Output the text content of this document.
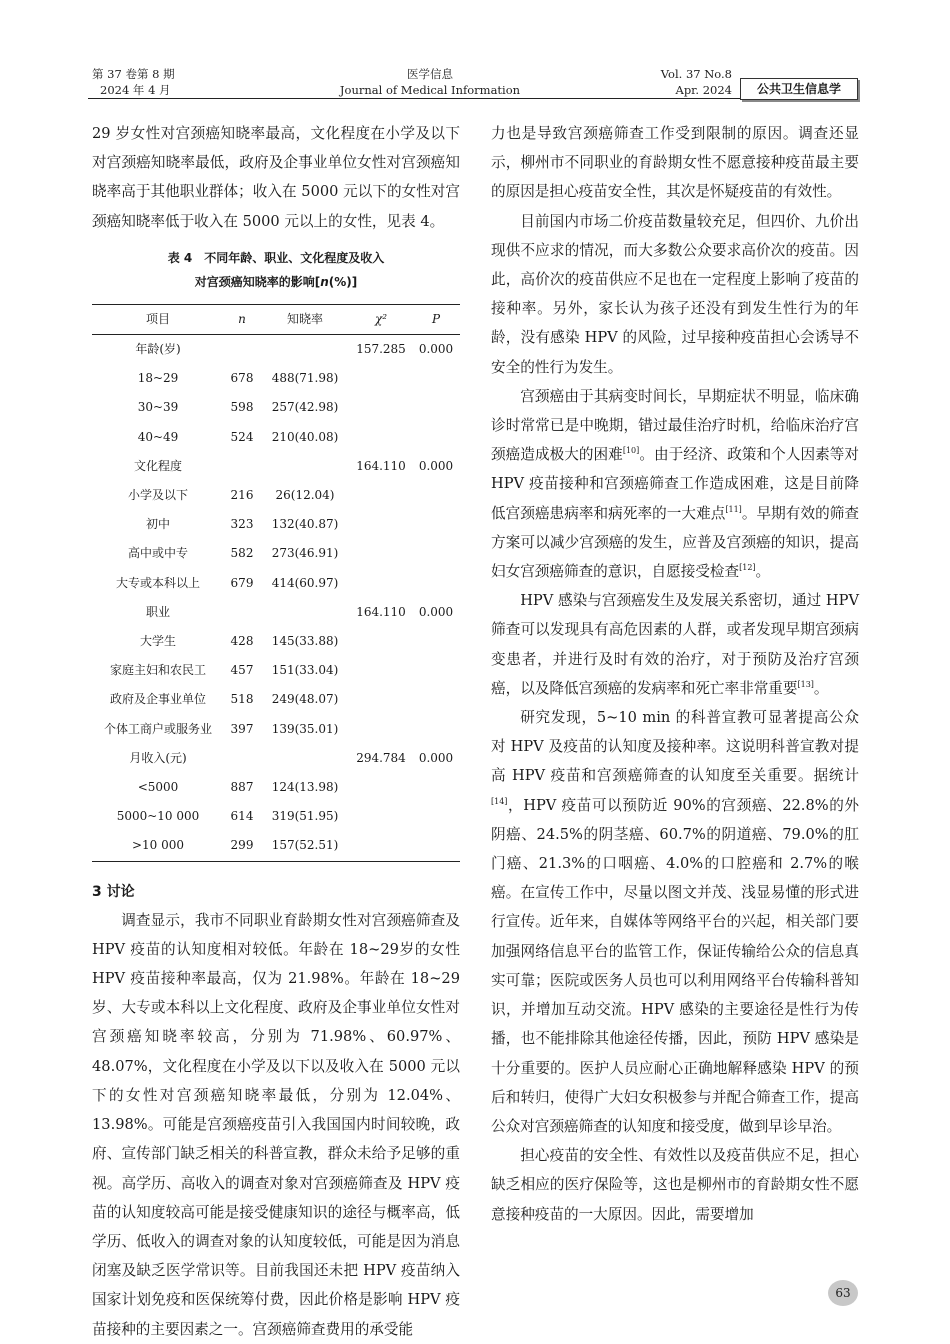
第 37 卷第 8 期
2024 年 4 月
医学信息
Journal of Medical Information
Vol. 37 No.8
Apr. 2024	公共卫生信息学

29 岁女性对宫颈癌知晓率最高，文化程度在小学及以下对宫颈癌知晓率最低，政府及企事业单位女性对宫颈癌知晓率高于其他职业群体；收入在 5000 元以下的女性对宫颈癌知晓率低于收入在 5000 元以上的女性，见表 4。

表 4　不同年龄、职业、文化程度及收入
对宫颈癌知晓率的影响[n(%)]
项目	n	知晓率	χ²	P
年龄(岁)			157.285	0.000
18~29	678	488(71.98)		
30~39	598	257(42.98)		
40~49	524	210(40.08)		
文化程度			164.110	0.000
小学及以下	216	26(12.04)		
初中	323	132(40.87)		
高中或中专	582	273(46.91)		
大专或本科以上	679	414(60.97)		
职业			164.110	0.000
大学生	428	145(33.88)		
家庭主妇和农民工	457	151(33.04)		
政府及企事业单位	518	249(48.07)		
个体工商户或服务业	397	139(35.01)		
月收入(元)			294.784	0.000
<5000	887	124(13.98)		
5000~10 000	614	319(51.95)		
>10 000	299	157(52.51)		
3 讨论

调查显示，我市不同职业育龄期女性对宫颈癌筛查及 HPV 疫苗的认知度相对较低。年龄在 18~29岁的女性 HPV 疫苗接种率最高，仅为 21.98%。年龄在 18~29 岁、大专或本科以上文化程度、政府及企事业单位女性对宫颈癌知晓率较高，分别为 71.98%、60.97%、48.07%，文化程度在小学及以下以及收入在 5000 元以下的女性对宫颈癌知晓率最低，分别为 12.04%、13.98%。可能是宫颈癌疫苗引入我国国内时间较晚，政府、宣传部门缺乏相关的科普宣教，群众未给予足够的重视。高学历、高收入的调查对象对宫颈癌筛查及 HPV 疫苗的认知度较高可能是接受健康知识的途径与概率高，低学历、低收入的调查对象的认知度较低，可能是因为消息闭塞及缺乏医学常识等。目前我国还未把 HPV 疫苗纳入国家计划免疫和医保统筹付费，因此价格是影响 HPV 疫苗接种的主要因素之一。宫颈癌筛查费用的承受能

力也是导致宫颈癌筛查工作受到限制的原因。调查还显示，柳州市不同职业的育龄期女性不愿意接种疫苗最主要的原因是担心疫苗安全性，其次是怀疑疫苗的有效性。

目前国内市场二价疫苗数量较充足，但四价、九价出现供不应求的情况，而大多数公众要求高价次的疫苗。因此，高价次的疫苗供应不足也在一定程度上影响了疫苗的接种率。另外，家长认为孩子还没有到发生性行为的年龄，没有感染 HPV 的风险，过早接种疫苗担心会诱导不安全的性行为发生。

宫颈癌由于其病变时间长，早期症状不明显，临床确诊时常常已是中晚期，错过最佳治疗时机，给临床治疗宫颈癌造成极大的困难[10]。由于经济、政策和个人因素等对 HPV 疫苗接种和宫颈癌筛查工作造成困难，这是目前降低宫颈癌患病率和病死率的一大难点[11]。早期有效的筛查方案可以减少宫颈癌的发生，应普及宫颈癌的知识，提高妇女宫颈癌筛查的意识，自愿接受检查[12]。

HPV 感染与宫颈癌发生及发展关系密切，通过 HPV 筛查可以发现具有高危因素的人群，或者发现早期宫颈病变患者，并进行及时有效的治疗，对于预防及治疗宫颈癌，以及降低宫颈癌的发病率和死亡率非常重要[13]。

研究发现，5~10 min 的科普宣教可显著提高公众对 HPV 及疫苗的认知度及接种率。这说明科普宣教对提高 HPV 疫苗和宫颈癌筛查的认知度至关重要。据统计[14]，HPV 疫苗可以预防近 90%的宫颈癌、22.8%的外阴癌、24.5%的阴茎癌、60.7%的阴道癌、79.0%的肛门癌、21.3%的口咽癌、4.0%的口腔癌和 2.7%的喉癌。在宣传工作中，尽量以图文并茂、浅显易懂的形式进行宣传。近年来，自媒体等网络平台的兴起，相关部门要加强网络信息平台的监管工作，保证传输给公众的信息真实可靠；医院或医务人员也可以利用网络平台传输科普知识，并增加互动交流。HPV 感染的主要途径是性行为传播，也不能排除其他途径传播，因此，预防 HPV 感染是十分重要的。医护人员应耐心正确地解释感染 HPV 的预后和转归，使得广大妇女积极参与并配合筛查工作，提高公众对宫颈癌筛查的认知度和接受度，做到早诊早治。

担心疫苗的安全性、有效性以及疫苗供应不足，担心缺乏相应的医疗保险等，这也是柳州市的育龄期女性不愿意接种疫苗的一大原因。因此，需要增加

63
